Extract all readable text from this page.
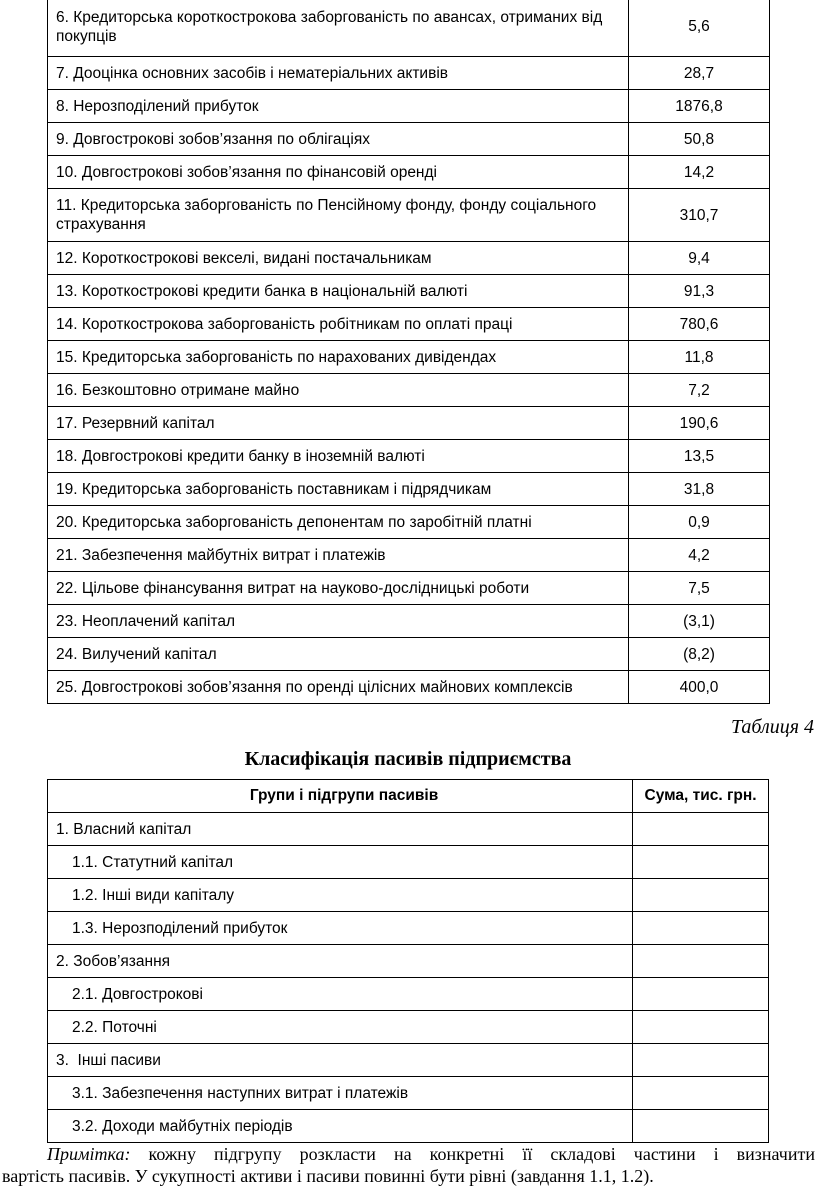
6. Кредиторська короткострокова заборгованість по авансах, отриманих від покупців	5,6
7. Дооцінка основних засобів і нематеріальних активів	28,7
8. Нерозподілений прибуток	1876,8
9. Довгострокові зобов’язання по облігаціях	50,8
10. Довгострокові зобов’язання по фінансовій оренді	14,2
11. Кредиторська заборгованість по Пенсійному фонду, фонду соціального страхування	310,7
12. Короткострокові векселі, видані постачальникам	9,4
13. Короткострокові кредити банка в національній валюті	91,3
14. Короткострокова заборгованість робітникам по оплаті праці	780,6
15. Кредиторська заборгованість по нарахованих дивідендах	11,8
16. Безкоштовно отримане майно	7,2
17. Резервний капітал	190,6
18. Довгострокові кредити банку в іноземній валюті	13,5
19. Кредиторська заборгованість поставникам і підрядчикам	31,8
20. Кредиторська заборгованість депонентам по заробітній платні	0,9
21. Забезпечення майбутніх витрат і платежів	4,2
22. Цільове фінансування витрат на науково-дослідницькі роботи	7,5
23. Неоплачений капітал	(3,1)
24. Вилучений капітал	(8,2)
25. Довгострокові зобов’язання по оренді цілісних майнових комплексів	400,0
Таблиця 4
Класифікація пасивів підприємства
Групи і підгрупи пасивів	Сума, тис. грн.
1. Власний капітал	
1.1. Статутний капітал	
1.2. Інші види капіталу	
1.3. Нерозподілений прибуток	
2. Зобов’язання	
2.1. Довгострокові	
2.2. Поточні	
3.  Інші пасиви	
3.1. Забезпечення наступних витрат і платежів	
3.2. Доходи майбутніх періодів	
Примітка: кожну підгрупу розкласти на конкретні її складові частини і визначити
вартість пасивів. У сукупності активи і пасиви повинні бути рівні (завдання 1.1, 1.2).
